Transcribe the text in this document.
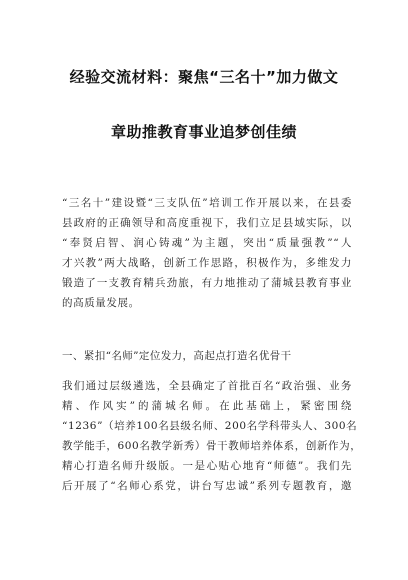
经验交流材料：聚焦“三名十”加力做文
章助推教育事业追梦创佳绩
“三名十”建设暨“三支队伍”培训工作开展以来，在县委
县政府的正确领导和高度重视下，我们立足县域实际，以
“奉贤启智、润心铸魂”为主题，突出“质量强教”“人
才兴教”两大战略，创新工作思路，积极作为，多维发力
锻造了一支教育精兵劲旅，有力地推动了蒲城县教育事业
的高质量发展。
一、紧扣“名师”定位发力，高起点打造名优骨干
我们通过层级遴选，全县确定了首批百名“政治强、业务
精、作风实”的蒲城名师。在此基础上，紧密围绕
“1236”（培养100名县级名师、200名学科带头人、300名
教学能手，600名教学新秀）骨干教师培养体系，创新作为，
精心打造名师升级版。一是心贴心地育“师德”。我们先
后开展了“名师心系党，讲台写忠诚”系列专题教育，邀
